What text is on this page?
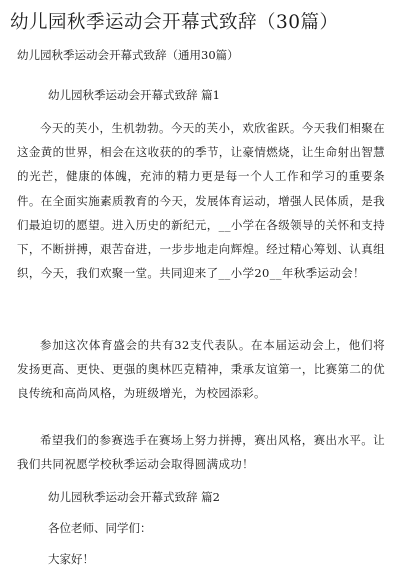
幼儿园秋季运动会开幕式致辞（30篇）

幼儿园秋季运动会开幕式致辞（通用30篇）

幼儿园秋季运动会开幕式致辞 篇1

今天的芙小，生机勃勃。今天的芙小，欢欣雀跃。今天我们相聚在这金黄的世界，相会在这收获的的季节，让豪情燃烧，让生命射出智慧的光芒，健康的体魄，充沛的精力更是每一个人工作和学习的重要条件。在全面实施素质教育的今天，发展体育运动，增强人民体质，是我们最迫切的愿望。进入历史的新纪元，__小学在各级领导的关怀和支持下，不断拼搏，艰苦奋进，一步步地走向辉煌。经过精心筹划、认真组织，今天，我们欢聚一堂。共同迎来了__小学20__年秋季运动会！

参加这次体育盛会的共有32支代表队。在本届运动会上，他们将发扬更高、更快、更强的奥林匹克精神，秉承友谊第一，比赛第二的优良传统和高尚风格，为班级增光，为校园添彩。

希望我们的参赛选手在赛场上努力拼搏，赛出风格，赛出水平。让我们共同祝愿学校秋季运动会取得圆满成功！

幼儿园秋季运动会开幕式致辞 篇2

各位老师、同学们：

大家好！
